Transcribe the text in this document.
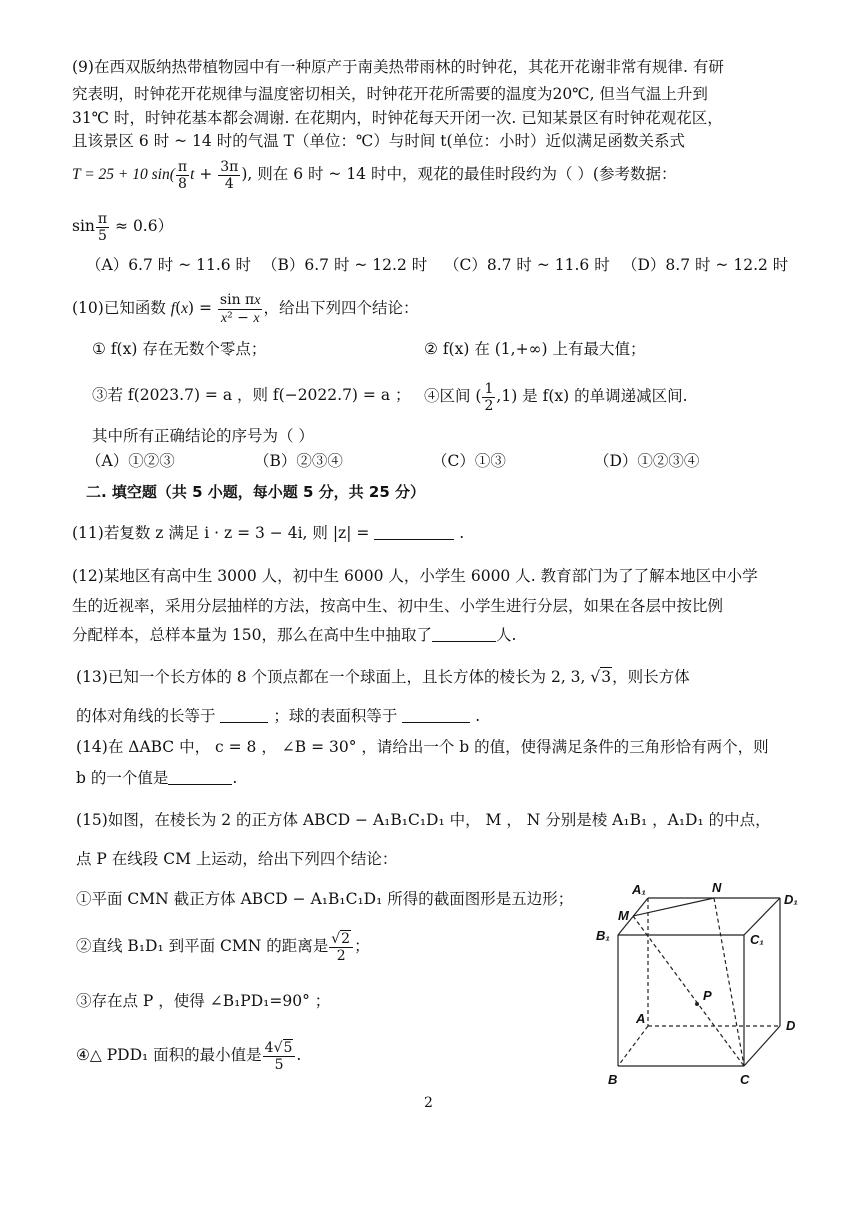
(9)在西双版纳热带植物园中有一种原产于南美热带雨林的时钟花，其花开花谢非常有规律. 有研
究表明，时钟花开花规律与温度密切相关，时钟花开花所需要的温度为20℃, 但当气温上升到
31℃ 时，时钟花基本都会凋谢. 在花期内，时钟花每天开闭一次. 已知某景区有时钟花观花区，
且该景区 6 时 ~ 14 时的气温 T（单位：℃）与时间 t(单位：小时）近似满足函数关系式
T = 25 + 10 $\sin( \frac{\pi}{8}$ $t + \frac{3\pi}{4}$ ), 则在 6 时 ~ 14 时中，观花的最佳时段约为（ ）(参考数据：
$\sin \frac{\pi}{5} \approx 0.6$）
（A）6.7 时 ~ 11.6 时 （B）6.7 时 ~ 12.2 时 （C）8.7 时 ~ 11.6 时 （D）8.7 时 ~ 12.2 时
(10)已知函数 $f(x) = \frac{\text{sin πx}}{\text{x² − x}}$ ，给出下列四个结论：
① f(x) 存在无数个零点；	② f(x) 在 (1,+∞) 上有最大值；
③若 f(2023.7) = a ，则 f(−2022.7) = a ； ④区间 ( $\frac{1}{2} ,1$) 是 f(x) 的单调递减区间.
其中所有正确结论的序号为（ ）
（A）①②③	（B）②③④	（C）①③	（D）①②③④
二. 填空题（共 5 小题，每小题 5 分，共 25 分）
(11)若复数 z 满足 i · z = 3 − 4i, 则 |z| =	.
(12)某地区有高中生 3000 人，初中生 6000 人，小学生 6000 人. 教育部门为了了解本地区中小学
生的近视率，采用分层抽样的方法，按高中生、初中生、小学生进行分层，如果在各层中按比例
分配样本，总样本量为 150，那么在高中生中抽取了	人.
(13)已知一个长方体的 8 个顶点都在一个球面上，且长方体的棱长为 2, 3, √3，则长方体
的体对角线的长等于	；球的表面积等于	.
(14)在 ΔABC 中， c = 8 ， ∠B = 30° ，请给出一个 b 的值，使得满足条件的三角形恰有两个，则
b 的一个值是	.
(15)如图，在棱长为 2 的正方体 ABCD − A₁B₁C₁D₁ 中， M ， N 分别是棱 A₁B₁ ，A₁D₁ 的中点，
点 P 在线段 CM 上运动，给出下列四个结论：
①平面 CMN 截正方体 ABCD − A₁B₁C₁D₁ 所得的截面图形是五边形；
②直线 B₁D₁ 到平面 CMN 的距离是 $\frac{√2}{2}$ ；
③存在点 P ，使得 ∠B₁PD₁=90° ；
④△ PDD₁ 面积的最小值是 $\frac{4√5}{5}$ .
A₁	N
D₁
M
B₁	C₁
P
A	D
B	C
2
